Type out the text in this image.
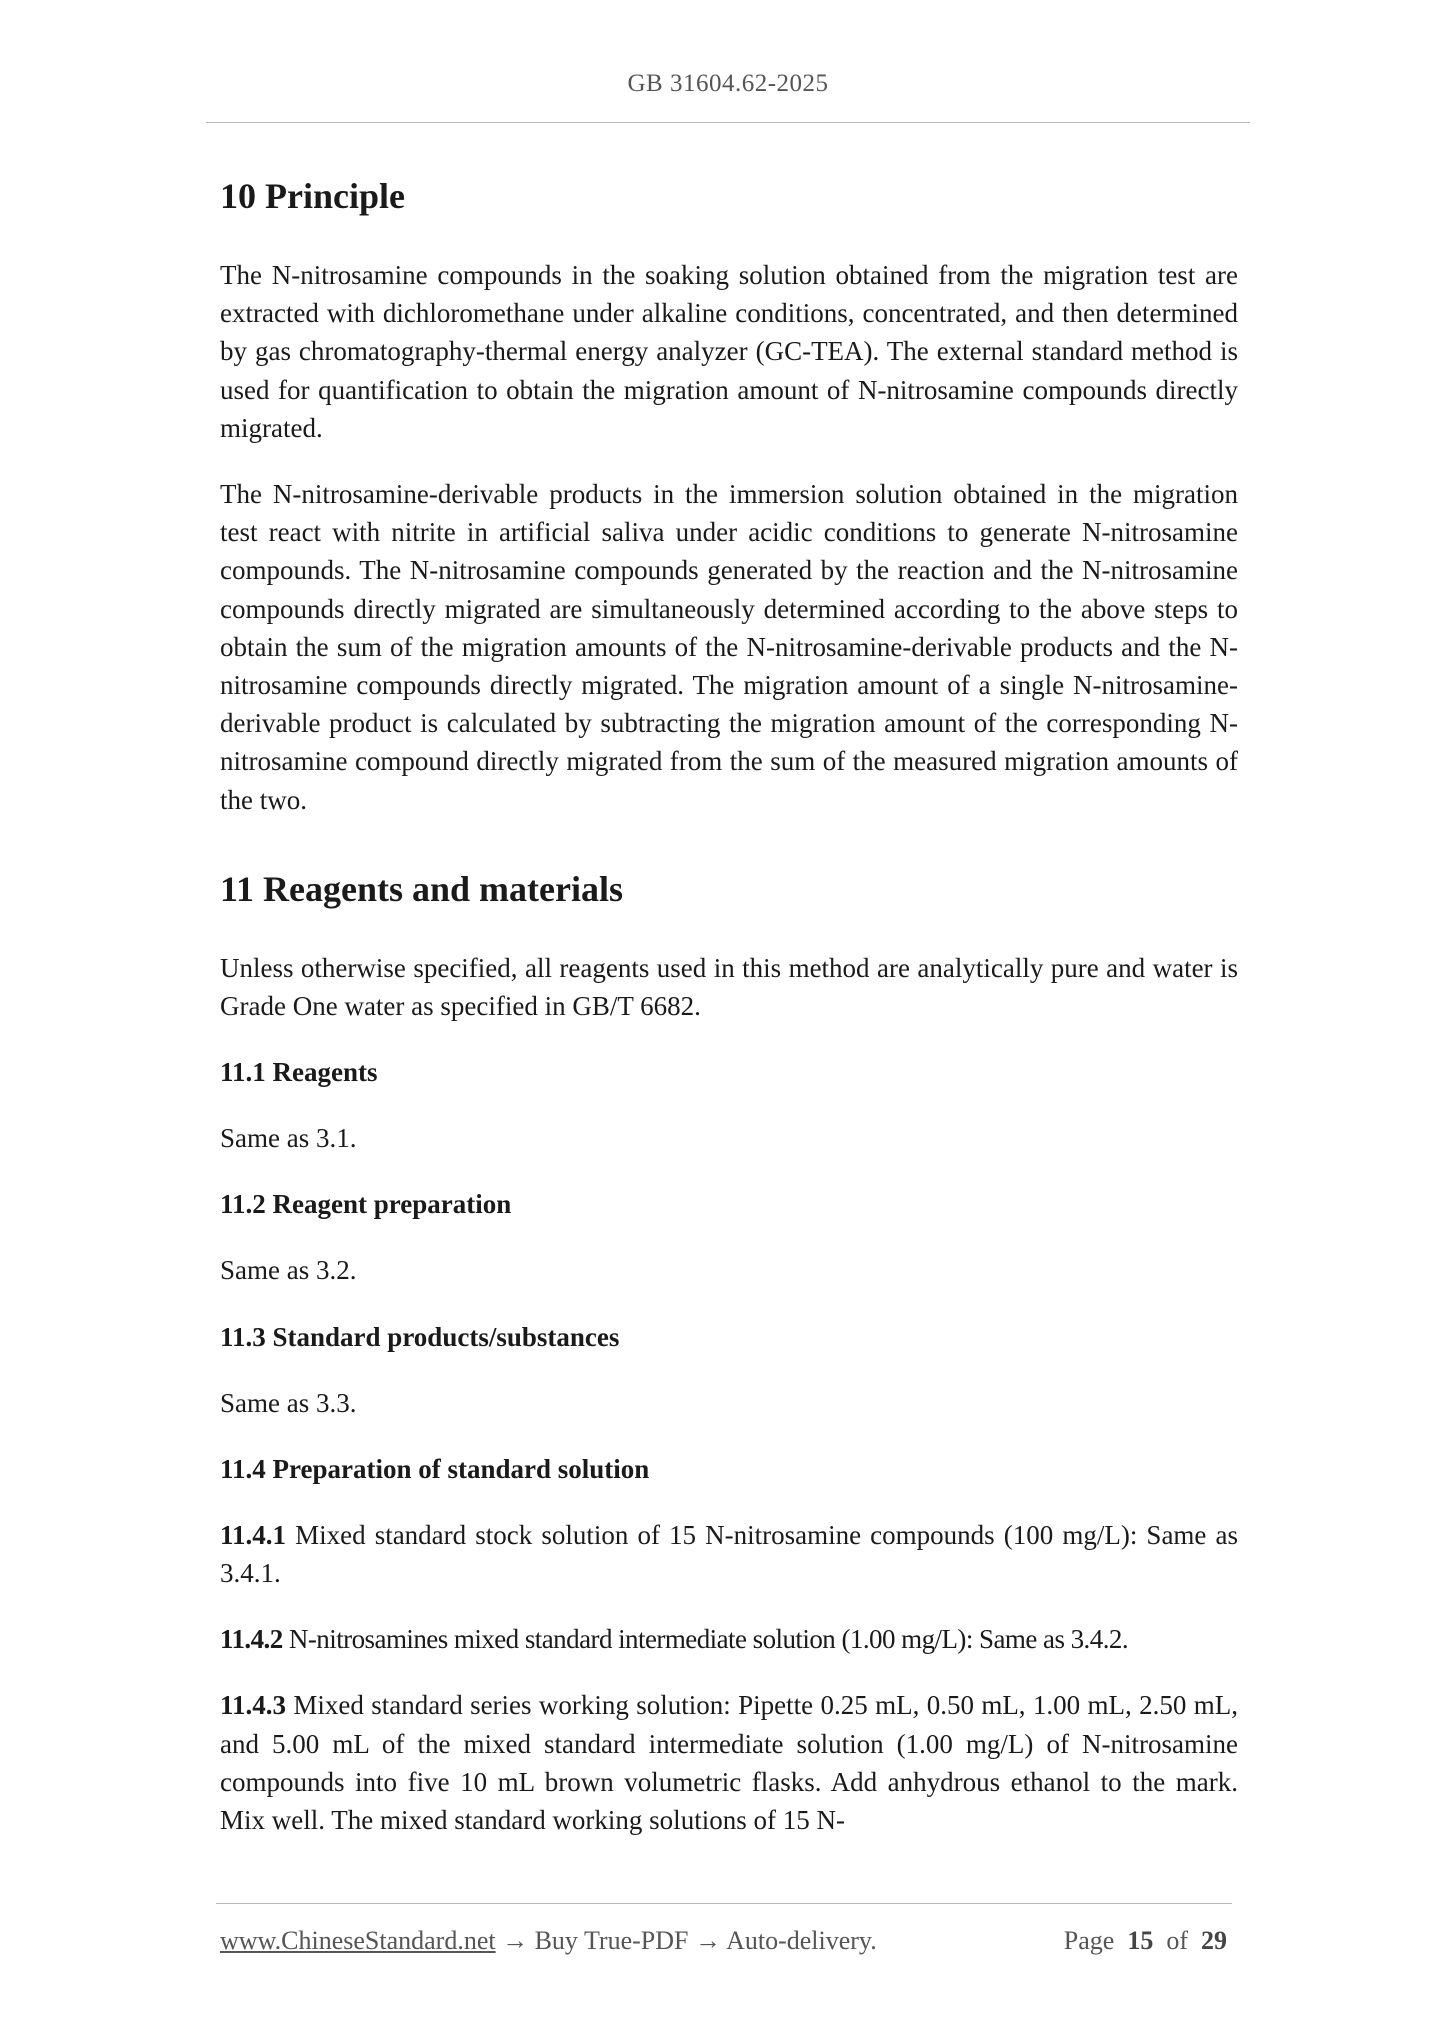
GB 31604.62-2025
10 Principle

The N-nitrosamine compounds in the soaking solution obtained from the migration test are extracted with dichloromethane under alkaline conditions, concentrated, and then determined by gas chromatography-thermal energy analyzer (GC-TEA). The external standard method is used for quantification to obtain the migration amount of N-nitrosamine compounds directly migrated.

The N-nitrosamine-derivable products in the immersion solution obtained in the migration test react with nitrite in artificial saliva under acidic conditions to generate N-nitrosamine compounds. The N-nitrosamine compounds generated by the reaction and the N-nitrosamine compounds directly migrated are simultaneously determined according to the above steps to obtain the sum of the migration amounts of the N-nitrosamine-derivable products and the N-nitrosamine compounds directly migrated. The migration amount of a single N-nitrosamine-derivable product is calculated by subtracting the migration amount of the corresponding N-nitrosamine compound directly migrated from the sum of the measured migration amounts of the two.

11 Reagents and materials

Unless otherwise specified, all reagents used in this method are analytically pure and water is Grade One water as specified in GB/T 6682.

11.1 Reagents

Same as 3.1.

11.2 Reagent preparation

Same as 3.2.

11.3 Standard products/substances

Same as 3.3.

11.4 Preparation of standard solution

11.4.1 Mixed standard stock solution of 15 N-nitrosamine compounds (100 mg/L): Same as 3.4.1.

11.4.2 N-nitrosamines mixed standard intermediate solution (1.00 mg/L): Same as 3.4.2.

11.4.3 Mixed standard series working solution: Pipette 0.25 mL, 0.50 mL, 1.00 mL, 2.50 mL, and 5.00 mL of the mixed standard intermediate solution (1.00 mg/L) of N-nitrosamine compounds into five 10 mL brown volumetric flasks. Add anhydrous ethanol to the mark. Mix well. The mixed standard working solutions of 15 N-

www.ChineseStandard.net → Buy True-PDF → Auto-delivery.	Page 15 of 29
